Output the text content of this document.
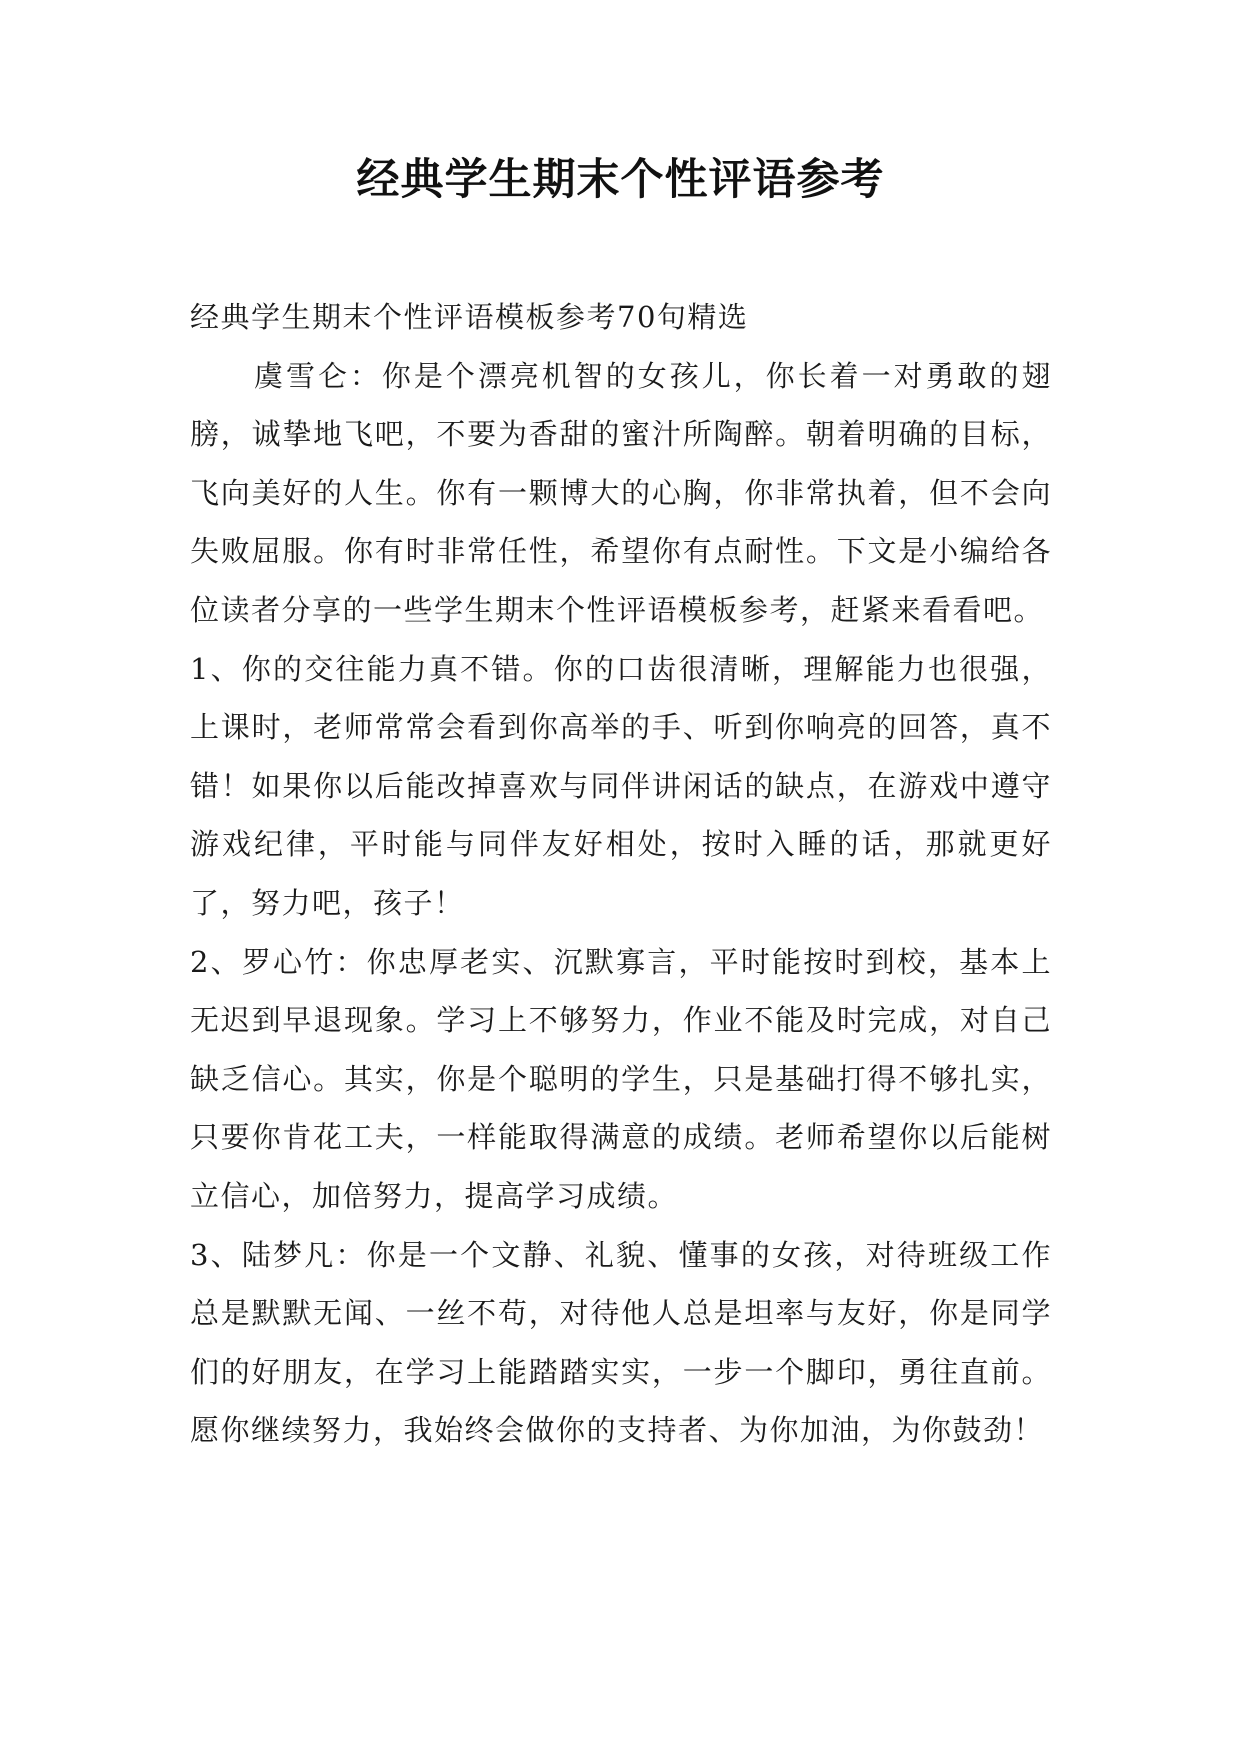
经典学生期末个性评语参考

经典学生期末个性评语模板参考70句精选

虞雪仑：你是个漂亮机智的女孩儿，你长着一对勇敢的翅膀，诚挚地飞吧，不要为香甜的蜜汁所陶醉。朝着明确的目标，飞向美好的人生。你有一颗博大的心胸，你非常执着，但不会向失败屈服。你有时非常任性，希望你有点耐性。下文是小编给各位读者分享的一些学生期末个性评语模板参考，赶紧来看看吧。

1、你的交往能力真不错。你的口齿很清晰，理解能力也很强，上课时，老师常常会看到你高举的手、听到你响亮的回答，真不错！如果你以后能改掉喜欢与同伴讲闲话的缺点，在游戏中遵守游戏纪律，平时能与同伴友好相处，按时入睡的话，那就更好了，努力吧，孩子！

2、罗心竹：你忠厚老实、沉默寡言，平时能按时到校，基本上无迟到早退现象。学习上不够努力，作业不能及时完成，对自己缺乏信心。其实，你是个聪明的学生，只是基础打得不够扎实，只要你肯花工夫，一样能取得满意的成绩。老师希望你以后能树立信心，加倍努力，提高学习成绩。

3、陆梦凡：你是一个文静、礼貌、懂事的女孩，对待班级工作总是默默无闻、一丝不苟，对待他人总是坦率与友好，你是同学们的好朋友，在学习上能踏踏实实，一步一个脚印，勇往直前。愿你继续努力，我始终会做你的支持者、为你加油，为你鼓劲！
